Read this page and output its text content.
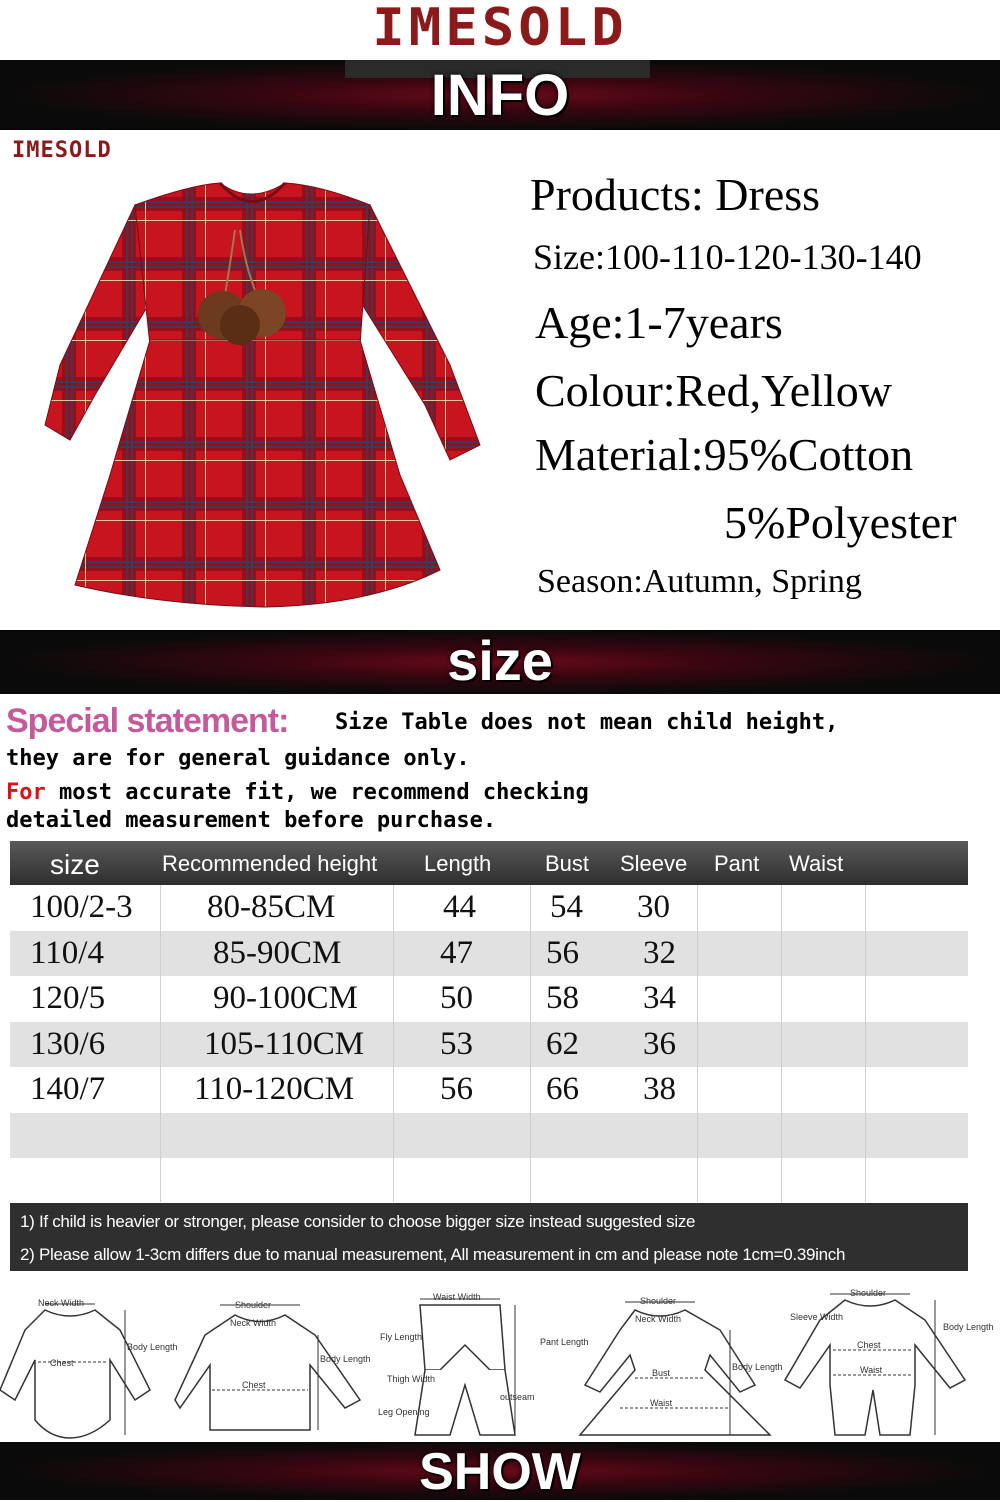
IMESOLD
INFO
IMESOLD
Products: Dress
Size:100-110-120-130-140
Age:1-7years
Colour:Red,Yellow
Material:95%Cotton
5%Polyester
Season:Autumn, Spring
size
Special statement: Size Table does not mean child height,
they are for general guidance only.
For most accurate fit, we recommend checking
detailed measurement before purchase.
size	Recommended height Length Bust Sleeve Pant Waist
100/2-3 80-85CM	44 54 30
110/4	85-90CM	47 56 32
120/5	90-100CM 50 58 34
130/6	105-110CM 53 62 36
140/7	110-120CM	56 66 38
1) If child is heavier or stronger, please consider to choose bigger size instead suggested size
2) Please allow 1-3cm differs due to manual measurement, All measurement in cm and please note 1cm=0.39inch
Neck Width
Chest
Body Length
Shoulder
Neck Width
Chest
Body Length
Waist Width
Fly Length	Pant Length
Thigh Width
outseam
Leg Opening
Shoulder
Neck Width
Bust
Body Length
Waist
Shoulder
Sleeve Width
Body Length
Chest
Waist
SHOW
